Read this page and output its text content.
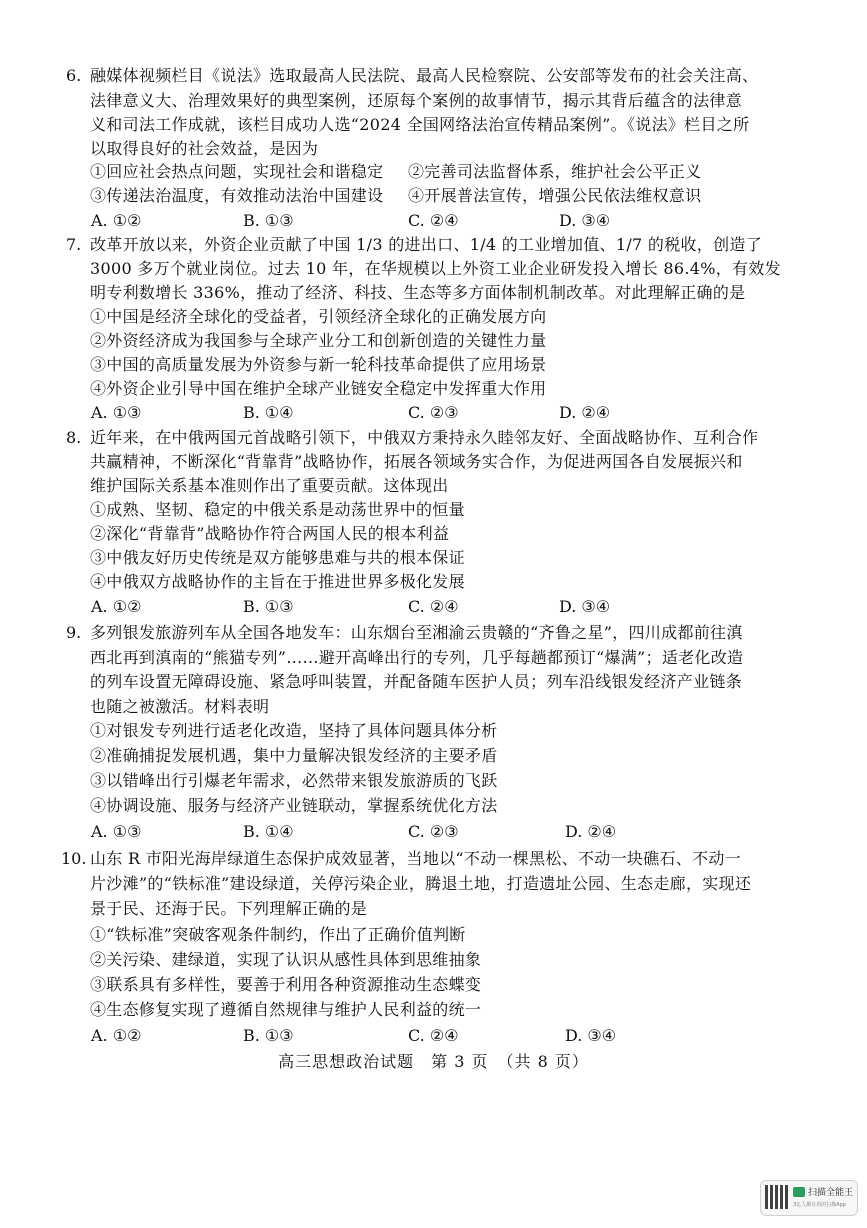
6. 融媒体视频栏目《说法》选取最高人民法院、最高人民检察院、公安部等发布的社会关注高、
法律意义大、治理效果好的典型案例，还原每个案例的故事情节，揭示其背后蕴含的法律意
义和司法工作成就，该栏目成功人选“2024 全国网络法治宣传精品案例”。《说法》栏目之所
以取得良好的社会效益，是因为
①回应社会热点问题，实现社会和谐稳定 ②完善司法监督体系，维护社会公平正义
③传递法治温度，有效推动法治中国建设 ④开展普法宣传，增强公民依法维权意识
A. ①②	B. ①③	C. ②④	D. ③④
7. 改革开放以来，外资企业贡献了中国 1/3 的进出口、1/4 的工业增加值、1/7 的税收，创造了
3000 多万个就业岗位。过去 10 年，在华规模以上外资工业企业研发投入增长 86.4%，有效发
明专利数增长 336%，推动了经济、科技、生态等多方面体制机制改革。对此理解正确的是
①中国是经济全球化的受益者，引领经济全球化的正确发展方向
②外资经济成为我国参与全球产业分工和创新创造的关键性力量
③中国的高质量发展为外资参与新一轮科技革命提供了应用场景
④外资企业引导中国在维护全球产业链安全稳定中发挥重大作用
A. ①③	B. ①④	C. ②③	D. ②④
8. 近年来，在中俄两国元首战略引领下，中俄双方秉持永久睦邻友好、全面战略协作、互利合作
共赢精神，不断深化“背靠背”战略协作，拓展各领域务实合作，为促进两国各自发展振兴和
维护国际关系基本准则作出了重要贡献。这体现出
①成熟、坚韧、稳定的中俄关系是动荡世界中的恒量
②深化“背靠背”战略协作符合两国人民的根本利益
③中俄友好历史传统是双方能够患难与共的根本保证
④中俄双方战略协作的主旨在于推进世界多极化发展
A. ①②	B. ①③	C. ②④	D. ③④
9. 多列银发旅游列车从全国各地发车：山东烟台至湘渝云贵赣的“齐鲁之星”，四川成都前往滇
西北再到滇南的“熊猫专列”……避开高峰出行的专列，几乎每趟都预订“爆满”；适老化改造
的列车设置无障碍设施、紧急呼叫装置，并配备随车医护人员；列车沿线银发经济产业链条
也随之被激活。材料表明
①对银发专列进行适老化改造，坚持了具体问题具体分析
②准确捕捉发展机遇，集中力量解决银发经济的主要矛盾
③以错峰出行引爆老年需求，必然带来银发旅游质的飞跃
④协调设施、服务与经济产业链联动，掌握系统优化方法
A. ①③	B. ①④	C. ②③	D. ②④
10. 山东 R 市阳光海岸绿道生态保护成效显著，当地以“不动一棵黑松、不动一块礁石、不动一
片沙滩”的“铁标准”建设绿道，关停污染企业，腾退土地，打造遗址公园、生态走廊，实现还
景于民、还海于民。下列理解正确的是
①“铁标准”突破客观条件制约，作出了正确价值判断
②关污染、建绿道，实现了认识从感性具体到思维抽象
③联系具有多样性，要善于利用各种资源推动生态蝶变
④生态修复实现了遵循自然规律与维护人民利益的统一
A. ①②	B. ①③	C. ②④	D. ③④
高三思想政治试题　第 3 页　（共 8 页）
扫描全能王
3亿人都在用的扫描App
